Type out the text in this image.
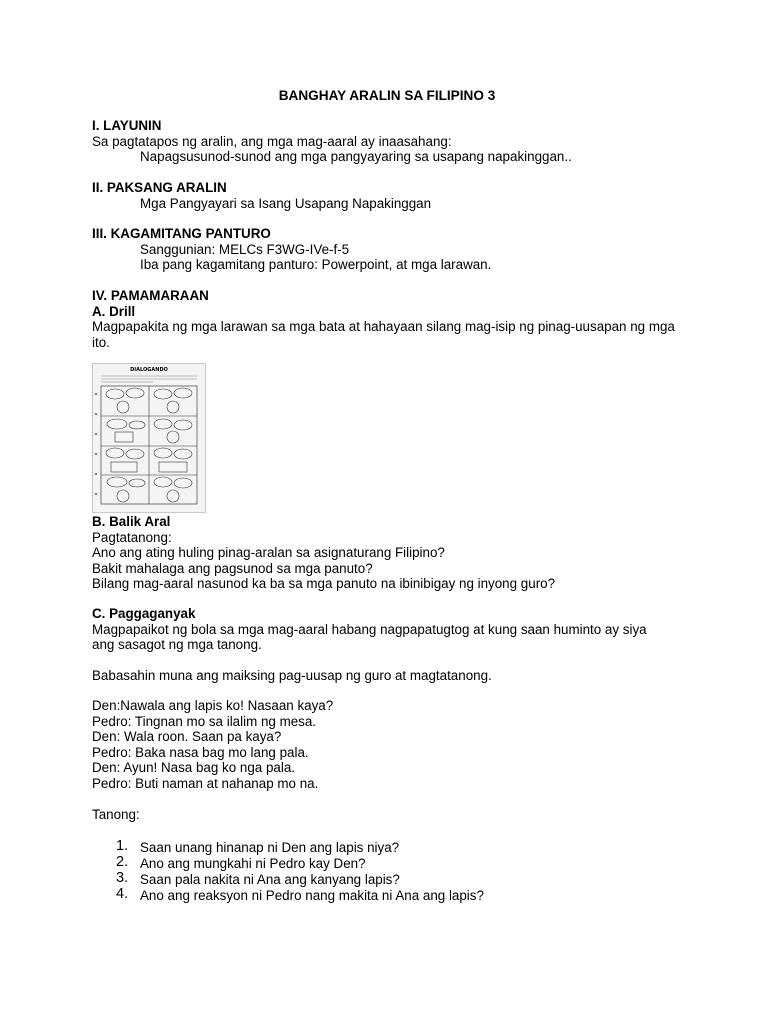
BANGHAY ARALIN SA FILIPINO 3
I. LAYUNIN
Sa pagtatapos ng aralin, ang mga mag-aaral ay inaasahang:
Napagsusunod-sunod ang mga pangyayaring sa usapang napakinggan..
II. PAKSANG ARALIN
Mga Pangyayari sa Isang Usapang Napakinggan
III. KAGAMITANG PANTURO
Sanggunian: MELCs F3WG-IVe-f-5
Iba pang kagamitang panturo: Powerpoint, at mga larawan.
IV. PAMAMARAAN
A. Drill
Magpapakita ng mga larawan sa mga bata at hahayaan silang mag-isip ng pinag-uusapan ng mga ito.
DIALOGANDO
B. Balik Aral
Pagtatanong:
Ano ang ating huling pinag-aralan sa asignaturang Filipino?
Bakit mahalaga ang pagsunod sa mga panuto?
Bilang mag-aaral nasunod ka ba sa mga panuto na ibinibigay ng inyong guro?
C. Paggaganyak
Magpapaikot ng bola sa mga mag-aaral habang nagpapatugtog at kung saan huminto ay siya ang sasagot ng mga tanong.
Babasahin muna ang maiksing pag-uusap ng guro at magtatanong.
Den:Nawala ang lapis ko! Nasaan kaya?
Pedro: Tingnan mo sa ilalim ng mesa.
Den: Wala roon. Saan pa kaya?
Pedro: Baka nasa bag mo lang pala.
Den: Ayun! Nasa bag ko nga pala.
Pedro: Buti naman at nahanap mo na.
Tanong:
1. Saan unang hinanap ni Den ang lapis niya?
2. Ano ang mungkahi ni Pedro kay Den?
3. Saan pala nakita ni Ana ang kanyang lapis?
4. Ano ang reaksyon ni Pedro nang makita ni Ana ang lapis?
